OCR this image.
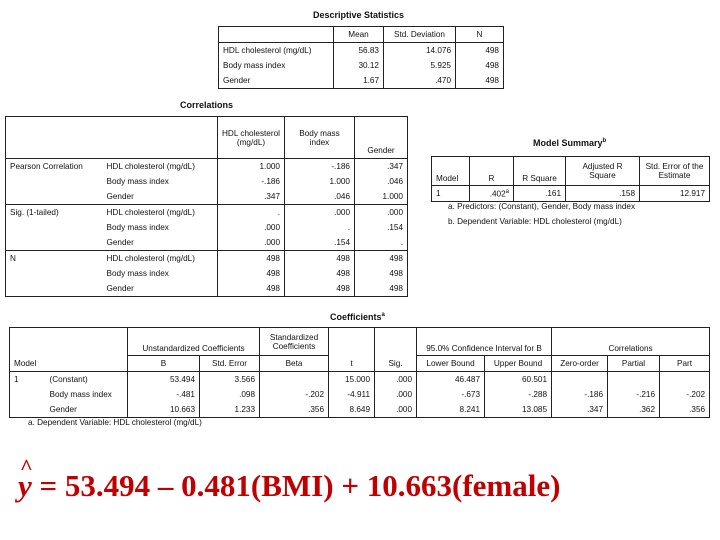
Descriptive Statistics
	Mean	Std. Deviation	N
HDL cholesterol (mg/dL)	56.83	14.076	498
Body mass index	30.12	5.925	498
Gender	1.67	.470	498
Correlations
		HDL cholesterol (mg/dL)	Body mass index	Gender
Pearson Correlation	HDL cholesterol (mg/dL)	1.000	-.186	.347
	Body mass index	-.186	1.000	.046
	Gender	.347	.046	1.000
Sig. (1-tailed)	HDL cholesterol (mg/dL)	.	.000	.000
	Body mass index	.000	.	.154
	Gender	.000	.154	.
N	HDL cholesterol (mg/dL)	498	498	498
	Body mass index	498	498	498
	Gender	498	498	498
Model Summary$^b$
Model	R	R Square	Adjusted R Square	Std. Error of the Estimate
1	.402$^a$	.161	.158	12.917
a. Predictors: (Constant), Gender, Body mass index
b. Dependent Variable: HDL cholesterol (mg/dL)
Coefficients$^a$
		Unstandardized Coefficients		Standardized Coefficients			95.0% Confidence Interval for B		Correlations		
Model		B	Std. Error	Beta	t	Sig.	Lower Bound	Upper Bound	Zero-order	Partial	Part
1	(Constant)	53.494	3.566		15.000	.000	46.487	60.501			
	Body mass index	-.481	.098	-.202	-4.911	.000	-.673	-.288	-.186	-.216	-.202
	Gender	10.663	1.233	.356	8.649	.000	8.241	13.085	.347	.362	.356
a. Dependent Variable: HDL cholesterol (mg/dL)
^ y = 53.494 – 0.481(BMI) + 10.663(female)
